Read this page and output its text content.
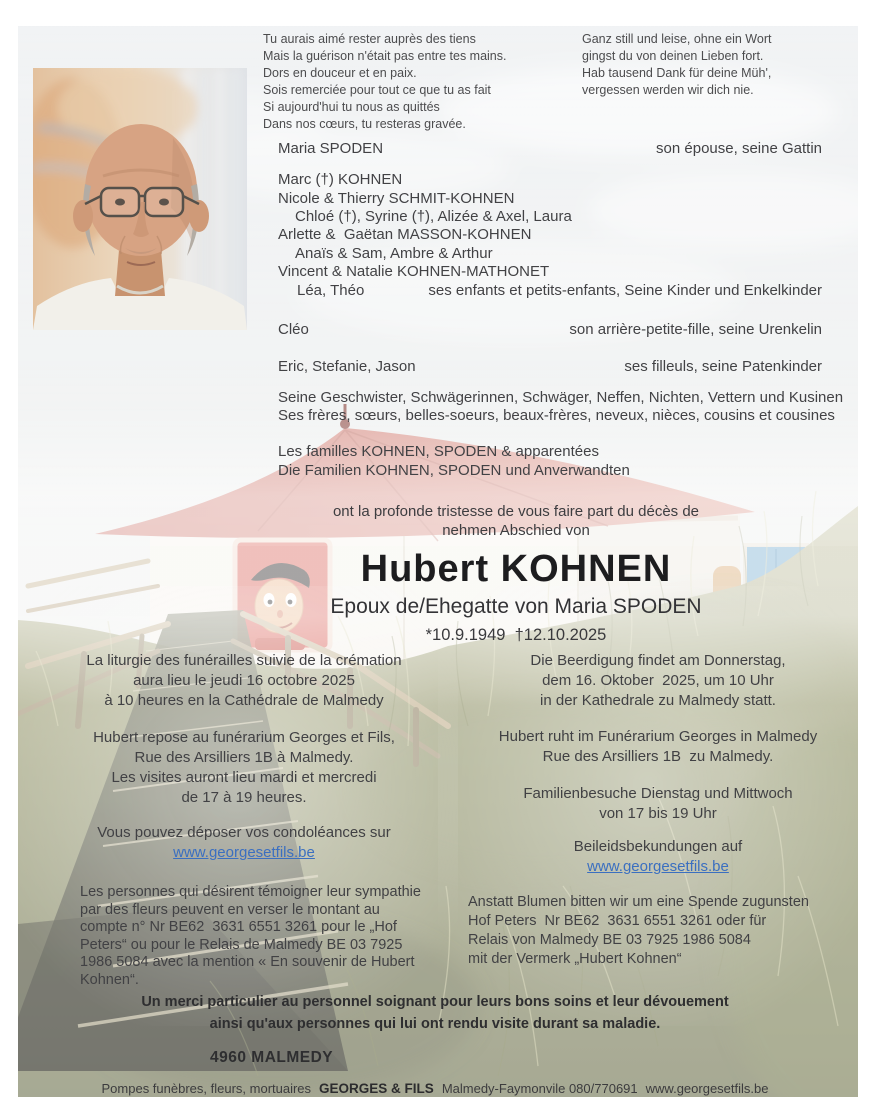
Tu aurais aimé rester auprès des tiens
Mais la guérison n'était pas entre tes mains.
Dors en douceur et en paix.
Sois remerciée pour tout ce que tu as fait
Si aujourd'hui tu nous as quittés
Dans nos cœurs, tu resteras gravée.
Ganz still und leise, ohne ein Wort
gingst du von deinen Lieben fort.
Hab tausend Dank für deine Müh',
vergessen werden wir dich nie.
Maria SPODEN	son épouse, seine Gattin
Marc (†) KOHNEN
Nicole & Thierry SCHMIT-KOHNEN
Chloé (†), Syrine (†), Alizée & Axel, Laura
Arlette &  Gaëtan MASSON-KOHNEN
Anaïs & Sam, Ambre & Arthur
Vincent & Natalie KOHNEN-MATHONET
Léa, Théo	ses enfants et petits-enfants, Seine Kinder und Enkelkinder
Cléo	son arrière-petite-fille, seine Urenkelin
Eric, Stefanie, Jason	ses filleuls, seine Patenkinder
Seine Geschwister, Schwägerinnen, Schwäger, Neffen, Nichten, Vettern und Kusinen
Ses frères, sœurs, belles-soeurs, beaux-frères, neveux, nièces, cousins et cousines
Les familles KOHNEN, SPODEN & apparentées
Die Familien KOHNEN, SPODEN und Anverwandten
ont la profonde tristesse de vous faire part du décès de
nehmen Abschied von
Hubert KOHNEN
Epoux de/Ehegatte von Maria SPODEN
*10.9.1949  †12.10.2025
La liturgie des funérailles suivie de la crémation
aura lieu le jeudi 16 octobre 2025
à 10 heures en la Cathédrale de Malmedy
Hubert repose au funérarium Georges et Fils,
Rue des Arsilliers 1B à Malmedy.
Les visites auront lieu mardi et mercredi
de 17 à 19 heures.
Vous pouvez déposer vos condoléances sur
www.georgesetfils.be
Les personnes qui désirent témoigner leur sympathie
par des fleurs peuvent en verser le montant au
compte n° Nr BE62  3631 6551 3261 pour le „Hof
Peters“ ou pour le Relais de Malmedy BE 03 7925
1986 5084 avec la mention « En souvenir de Hubert
Kohnen“.
Die Beerdigung findet am Donnerstag,
dem 16. Oktober  2025, um 10 Uhr
in der Kathedrale zu Malmedy statt.
Hubert ruht im Funérarium Georges in Malmedy
Rue des Arsilliers 1B  zu Malmedy.
Familienbesuche Dienstag und Mittwoch
von 17 bis 19 Uhr
Beileidsbekundungen auf
www.georgesetfils.be
Anstatt Blumen bitten wir um eine Spende zugunsten
Hof Peters  Nr BE62  3631 6551 3261 oder für
Relais von Malmedy BE 03 7925 1986 5084
mit der Vermerk „Hubert Kohnen“
Un merci particulier au personnel soignant pour leurs bons soins et leur dévouement
ainsi qu'aux personnes qui lui ont rendu visite durant sa maladie.
4960 MALMEDY
Pompes funèbres, fleurs, mortuaires GEORGES & FILS Malmedy-Faymonvile 080/770691 www.georgesetfils.be
